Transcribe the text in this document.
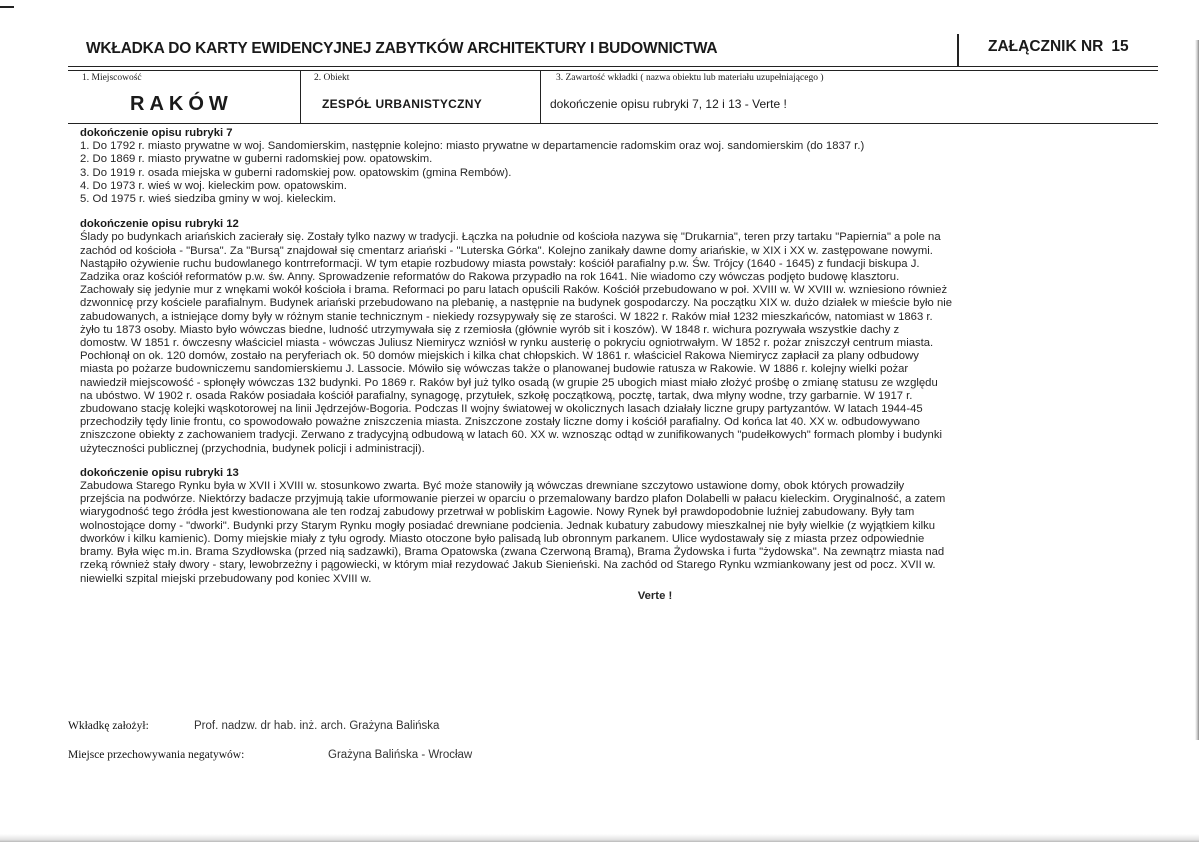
WKŁADKA DO KARTY EWIDENCYJNEJ ZABYTKÓW ARCHITEKTURY I BUDOWNICTWA	ZAŁĄCZNIK NR 15
1. Miejscowość
RAKÓW
2. Obiekt
ZESPÓŁ URBANISTYCZNY
3. Zawartość wkładki ( nazwa obiektu lub materiału uzupełniającego )
dokończenie opisu rubryki 7, 12 i 13 - Verte !
dokończenie opisu rubryki 7
1. Do 1792 r. miasto prywatne w woj. Sandomierskim, następnie kolejno: miasto prywatne w departamencie radomskim oraz woj. sandomierskim (do 1837 r.)
2. Do 1869 r. miasto prywatne w guberni radomskiej pow. opatowskim.
3. Do 1919 r. osada miejska w guberni radomskiej pow. opatowskim (gmina Rembów).
4. Do 1973 r. wieś w woj. kieleckim pow. opatowskim.
5. Od 1975 r. wieś siedziba gminy w woj. kieleckim.
dokończenie opisu rubryki 12
Ślady po budynkach ariańskich zacierały się. Zostały tylko nazwy w tradycji. Łączka na południe od kościoła nazywa się "Drukarnia", teren przy tartaku "Papiernia" a pole na
zachód od kościoła - "Bursa". Za "Bursą" znajdował się cmentarz ariański - "Luterska Górka". Kolejno zanikały dawne domy ariańskie, w XIX i XX w. zastępowane nowymi.
Nastąpiło ożywienie ruchu budowlanego kontrreformacji. W tym etapie rozbudowy miasta powstały: kościół parafialny p.w. Św. Trójcy (1640 - 1645) z fundacji biskupa J.
Zadzika oraz kościół reformatów p.w. św. Anny. Sprowadzenie reformatów do Rakowa przypadło na rok 1641. Nie wiadomo czy wówczas podjęto budowę klasztoru.
Zachowały się jedynie mur z wnękami wokół kościoła i brama. Reformaci po paru latach opuścili Raków. Kościół przebudowano w poł. XVIII w. W XVIII w. wzniesiono również
dzwonnicę przy kościele parafialnym. Budynek ariański przebudowano na plebanię, a następnie na budynek gospodarczy. Na początku XIX w. dużo działek w mieście było nie
zabudowanych, a istniejące domy były w różnym stanie technicznym - niekiedy rozsypywały się ze starości. W 1822 r. Raków miał 1232 mieszkańców, natomiast w 1863 r.
żyło tu 1873 osoby. Miasto było wówczas biedne, ludność utrzymywała się z rzemiosła (głównie wyrób sit i koszów). W 1848 r. wichura pozrywała wszystkie dachy z
domostw. W 1851 r. ówczesny właściciel miasta - wówczas Juliusz Niemirycz wzniósł w rynku austerię o pokryciu ogniotrwałym. W 1852 r. pożar zniszczył centrum miasta.
Pochłonął on ok. 120 domów, zostało na peryferiach ok. 50 domów miejskich i kilka chat chłopskich. W 1861 r. właściciel Rakowa Niemirycz zapłacił za plany odbudowy
miasta po pożarze budowniczemu sandomierskiemu J. Lassocie. Mówiło się wówczas także o planowanej budowie ratusza w Rakowie. W 1886 r. kolejny wielki pożar
nawiedził miejscowość - spłonęły wówczas 132 budynki. Po 1869 r. Raków był już tylko osadą (w grupie 25 ubogich miast miało złożyć prośbę o zmianę statusu ze względu
na ubóstwo. W 1902 r. osada Raków posiadała kościół parafialny, synagogę, przytułek, szkołę początkową, pocztę, tartak, dwa młyny wodne, trzy garbarnie. W 1917 r.
zbudowano stację kolejki wąskotorowej na linii Jędrzejów-Bogoria. Podczas II wojny światowej w okolicznych lasach działały liczne grupy partyzantów. W latach 1944-45
przechodziły tędy linie frontu, co spowodowało poważne zniszczenia miasta. Zniszczone zostały liczne domy i kościół parafialny. Od końca lat 40. XX w. odbudowywano
zniszczone obiekty z zachowaniem tradycji. Zerwano z tradycyjną odbudową w latach 60. XX w. wznosząc odtąd w zunifikowanych "pudełkowych" formach plomby i budynki
użyteczności publicznej (przychodnia, budynek policji i administracji).
dokończenie opisu rubryki 13
Zabudowa Starego Rynku była w XVII i XVIII w. stosunkowo zwarta. Być może stanowiły ją wówczas drewniane szczytowo ustawione domy, obok których prowadziły
przejścia na podwórze. Niektórzy badacze przyjmują takie uformowanie pierzei w oparciu o przemalowany bardzo plafon Dolabelli w pałacu kieleckim. Oryginalność, a zatem
wiarygodność tego źródła jest kwestionowana ale ten rodzaj zabudowy przetrwał w pobliskim Łagowie. Nowy Rynek był prawdopodobnie luźniej zabudowany. Były tam
wolnostojące domy - "dworki". Budynki przy Starym Rynku mogły posiadać drewniane podcienia. Jednak kubatury zabudowy mieszkalnej nie były wielkie (z wyjątkiem kilku
dworków i kilku kamienic). Domy miejskie miały z tyłu ogrody. Miasto otoczone było palisadą lub obronnym parkanem. Ulice wydostawały się z miasta przez odpowiednie
bramy. Była więc m.in. Brama Szydłowska (przed nią sadzawki), Brama Opatowska (zwana Czerwoną Bramą), Brama Żydowska i furta "żydowska". Na zewnątrz miasta nad
rzeką również stały dwory - stary, lewobrzeżny i pągowiecki, w którym miał rezydować Jakub Sienieński. Na zachód od Starego Rynku wzmiankowany jest od pocz. XVII w.
niewielki szpital miejski przebudowany pod koniec XVIII w.
Verte !
Wkładkę założył:	Prof. nadzw. dr hab. inż. arch. Grażyna Balińska
Miejsce przechowywania negatywów:	Grażyna Balińska - Wrocław
